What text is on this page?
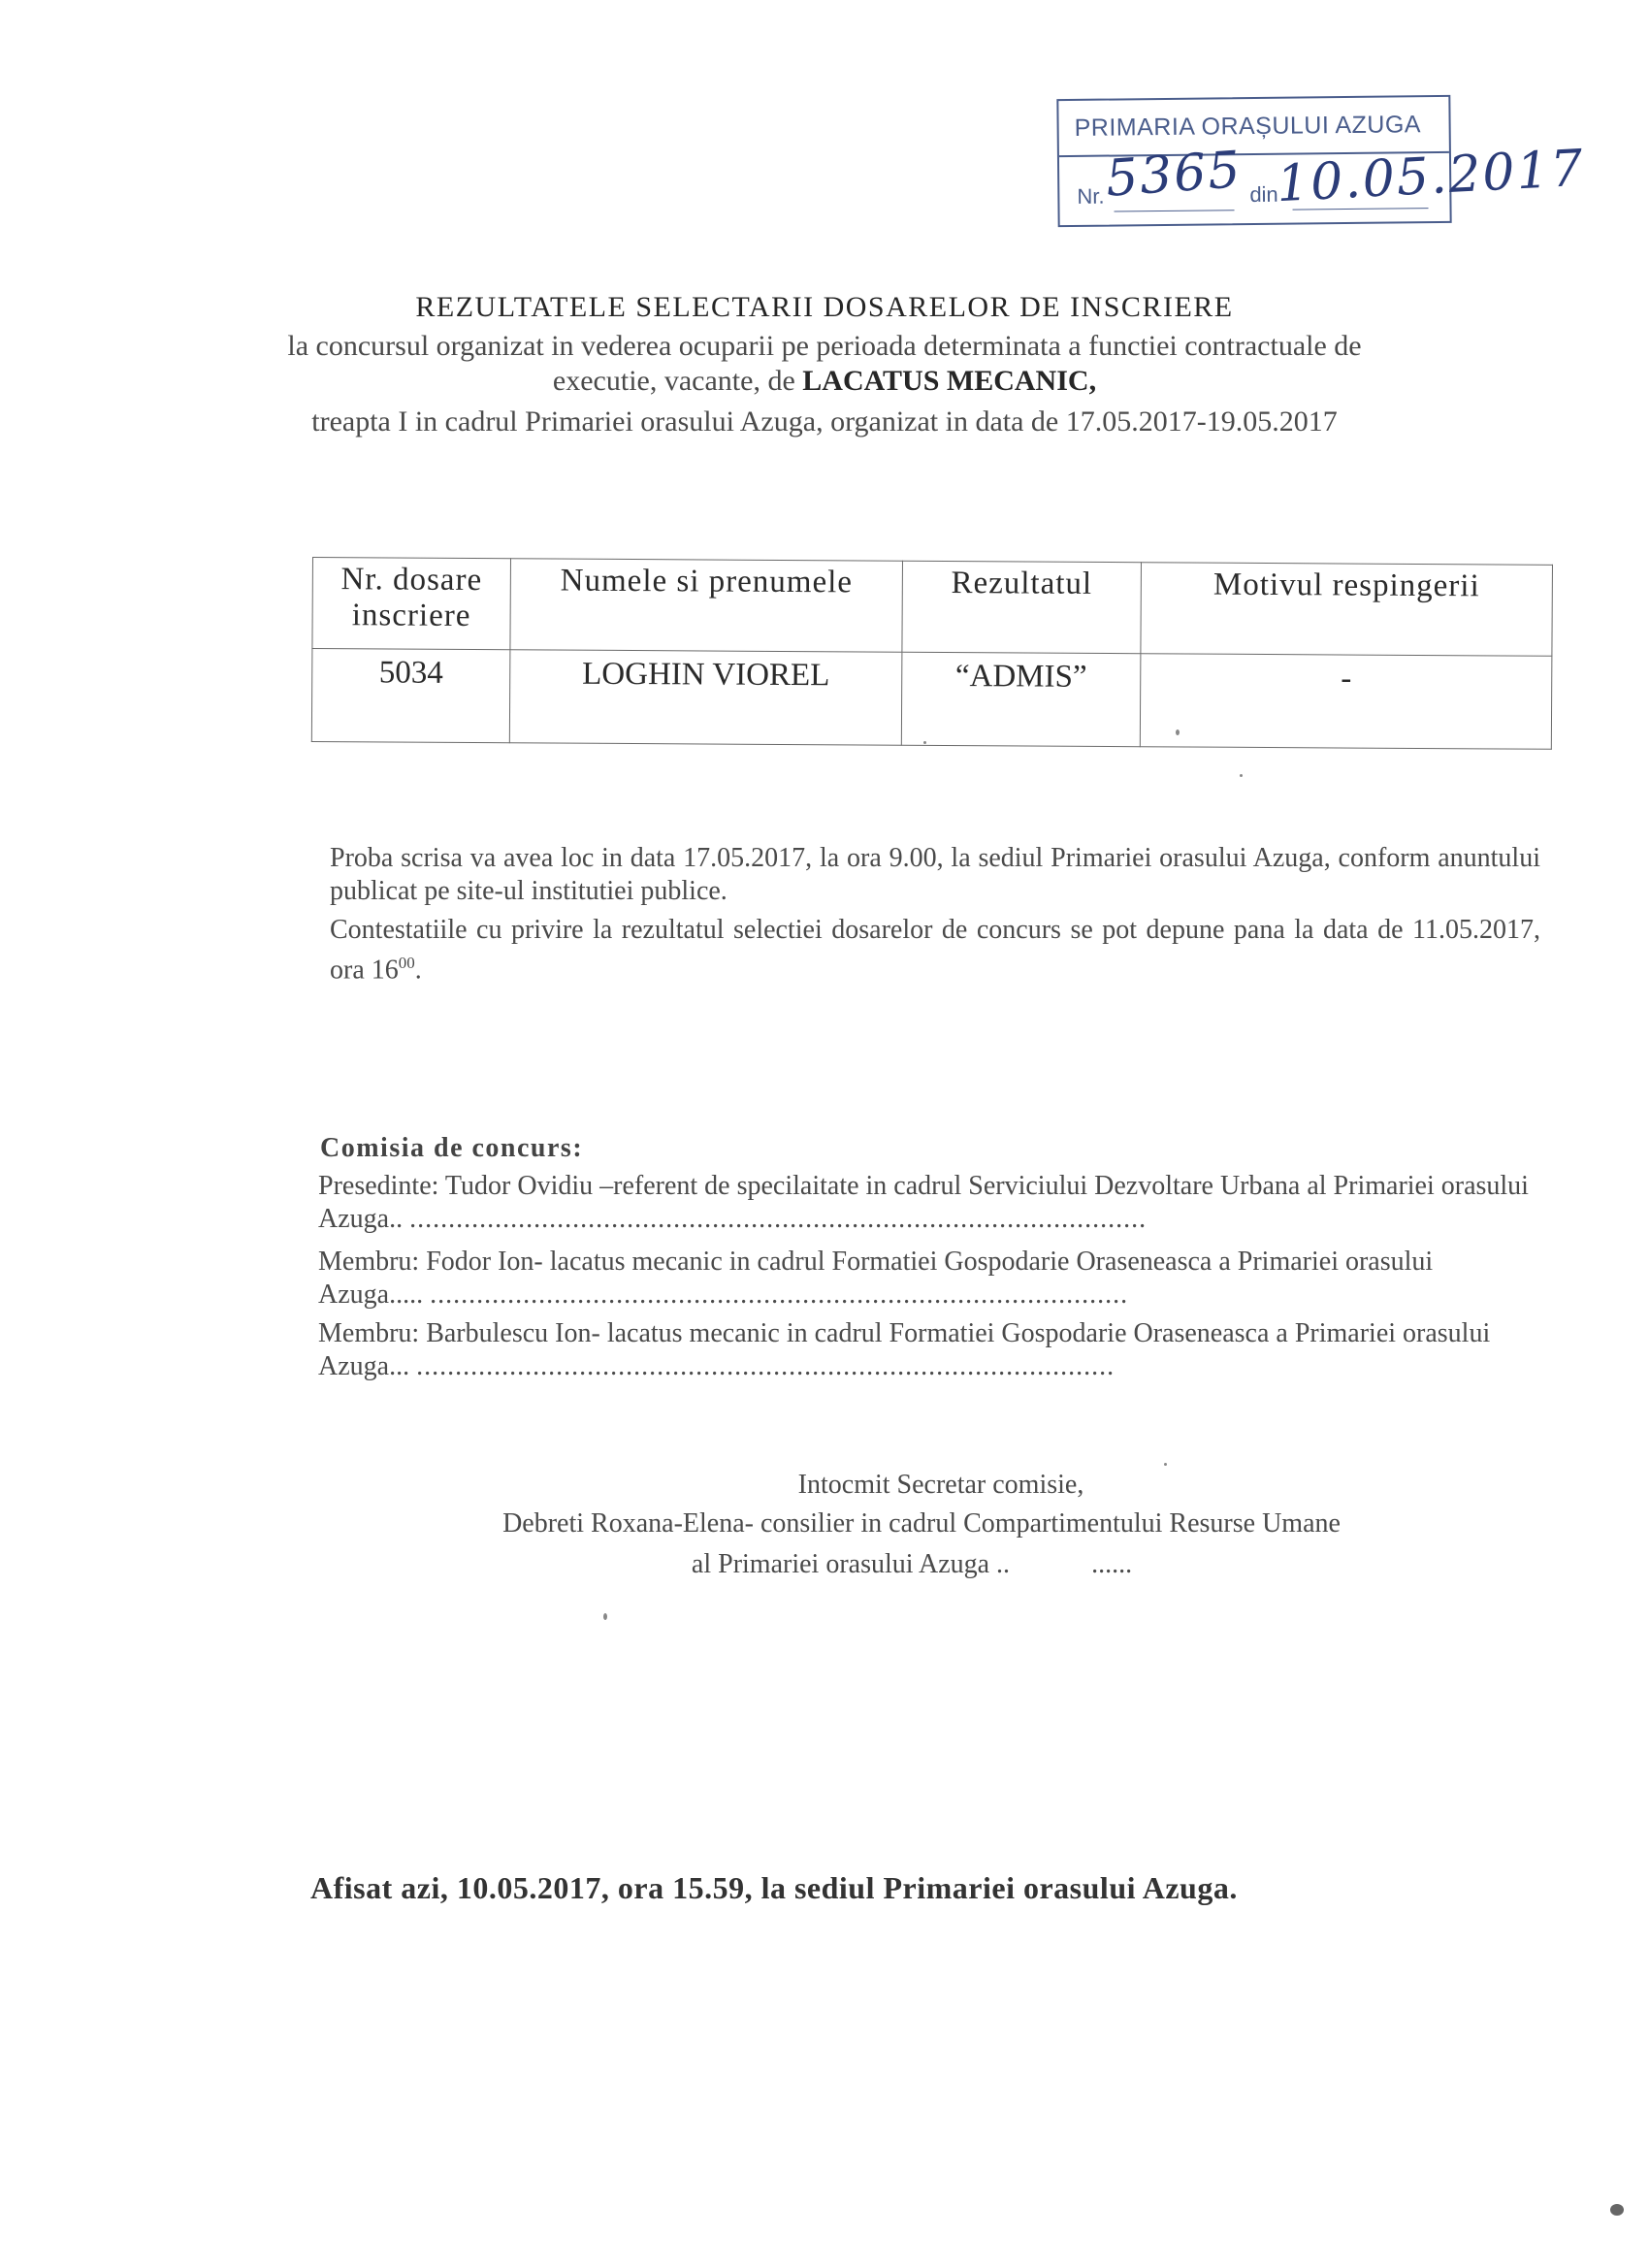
PRIMARIA ORAȘULUI AZUGA
Nr.	din
5365 10.05.2017
REZULTATELE SELECTARII DOSARELOR DE INSCRIERE
la concursul organizat in vederea ocuparii pe perioada determinata a functiei contractuale de
executie, vacante, de LACATUS MECANIC,
treapta I in cadrul Primariei orasului Azuga, organizat in data de 17.05.2017-19.05.2017
Nr. dosare inscriere	Numele si prenumele	Rezultatul	Motivul respingerii
5034	LOGHIN VIOREL	“ADMIS”	-
Proba scrisa va avea loc in data 17.05.2017, la ora 9.00, la sediul Primariei orasului Azuga, conform anuntului publicat pe site-ul institutiei publice.
Contestatiile cu privire la rezultatul selectiei dosarelor de concurs se pot depune pana la data de 11.05.2017, ora $16^{00}$.
Comisia de concurs:
Presedinte: Tudor Ovidiu –referent de specilaitate in cadrul Serviciului Dezvoltare Urbana al Primariei orasului Azuga.. ...............................................................................................
Membru: Fodor Ion- lacatus mecanic in cadrul Formatiei Gospodarie Oraseneasca a Primariei orasului Azuga..... ..........................................................................................
Membru: Barbulescu Ion- lacatus mecanic in cadrul Formatiei Gospodarie Oraseneasca a Primariei orasului Azuga... ..........................................................................................
Intocmit Secretar comisie,
Debreti Roxana-Elena- consilier in cadrul Compartimentului Resurse Umane
al Primariei orasului Azuga ..	......
Afisat azi, 10.05.2017, ora 15.59, la sediul Primariei orasului Azuga.
